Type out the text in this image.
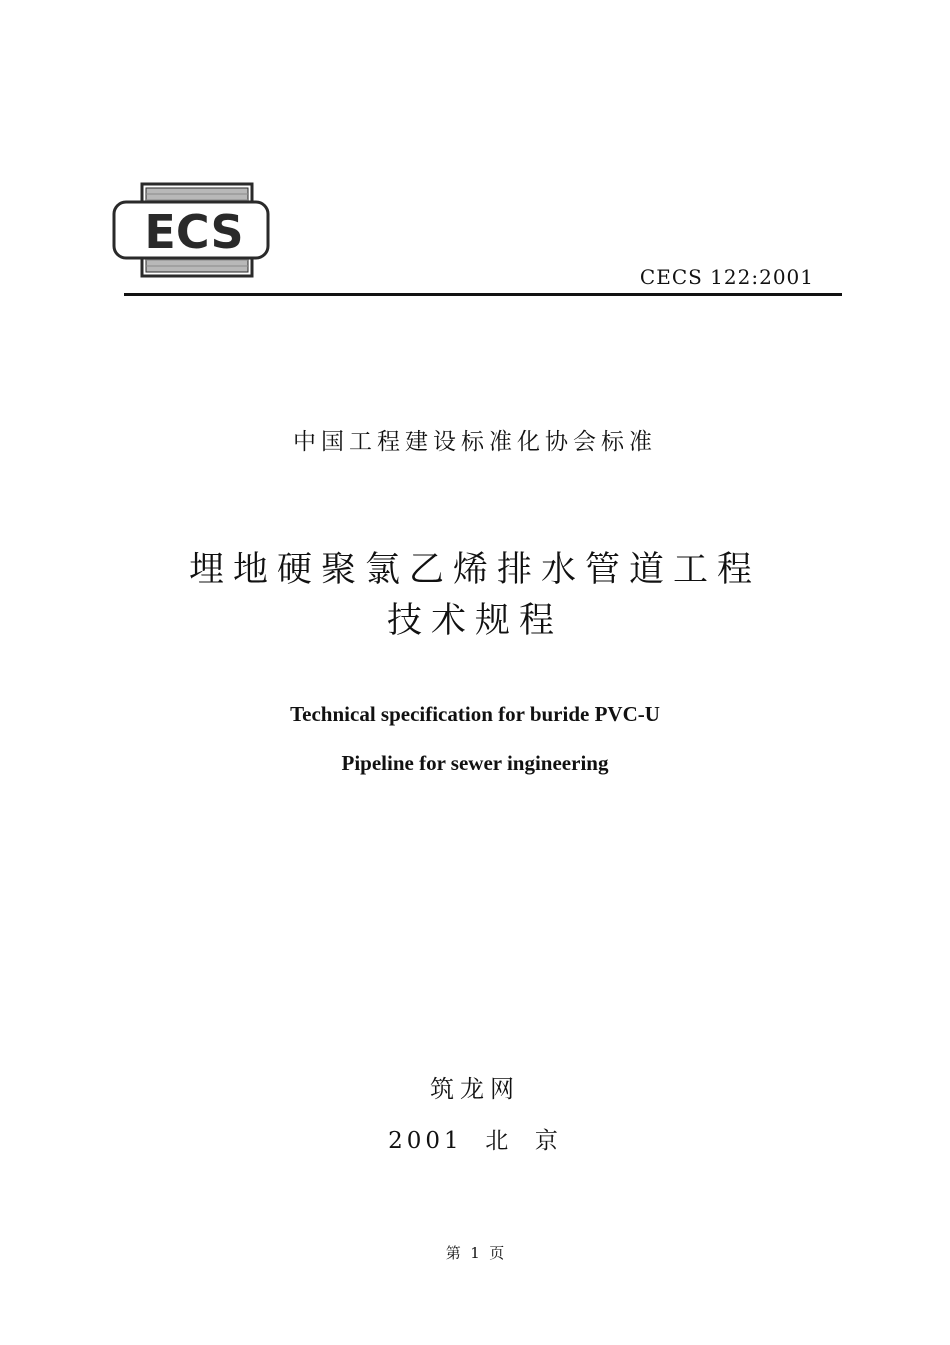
ECS
CECS 122:2001
中国工程建设标准化协会标准
埋地硬聚氯乙烯排水管道工程
技术规程
Technical specification for buride PVC-U
Pipeline for sewer ingineering
筑龙网
2001  北  京
第  1  页
